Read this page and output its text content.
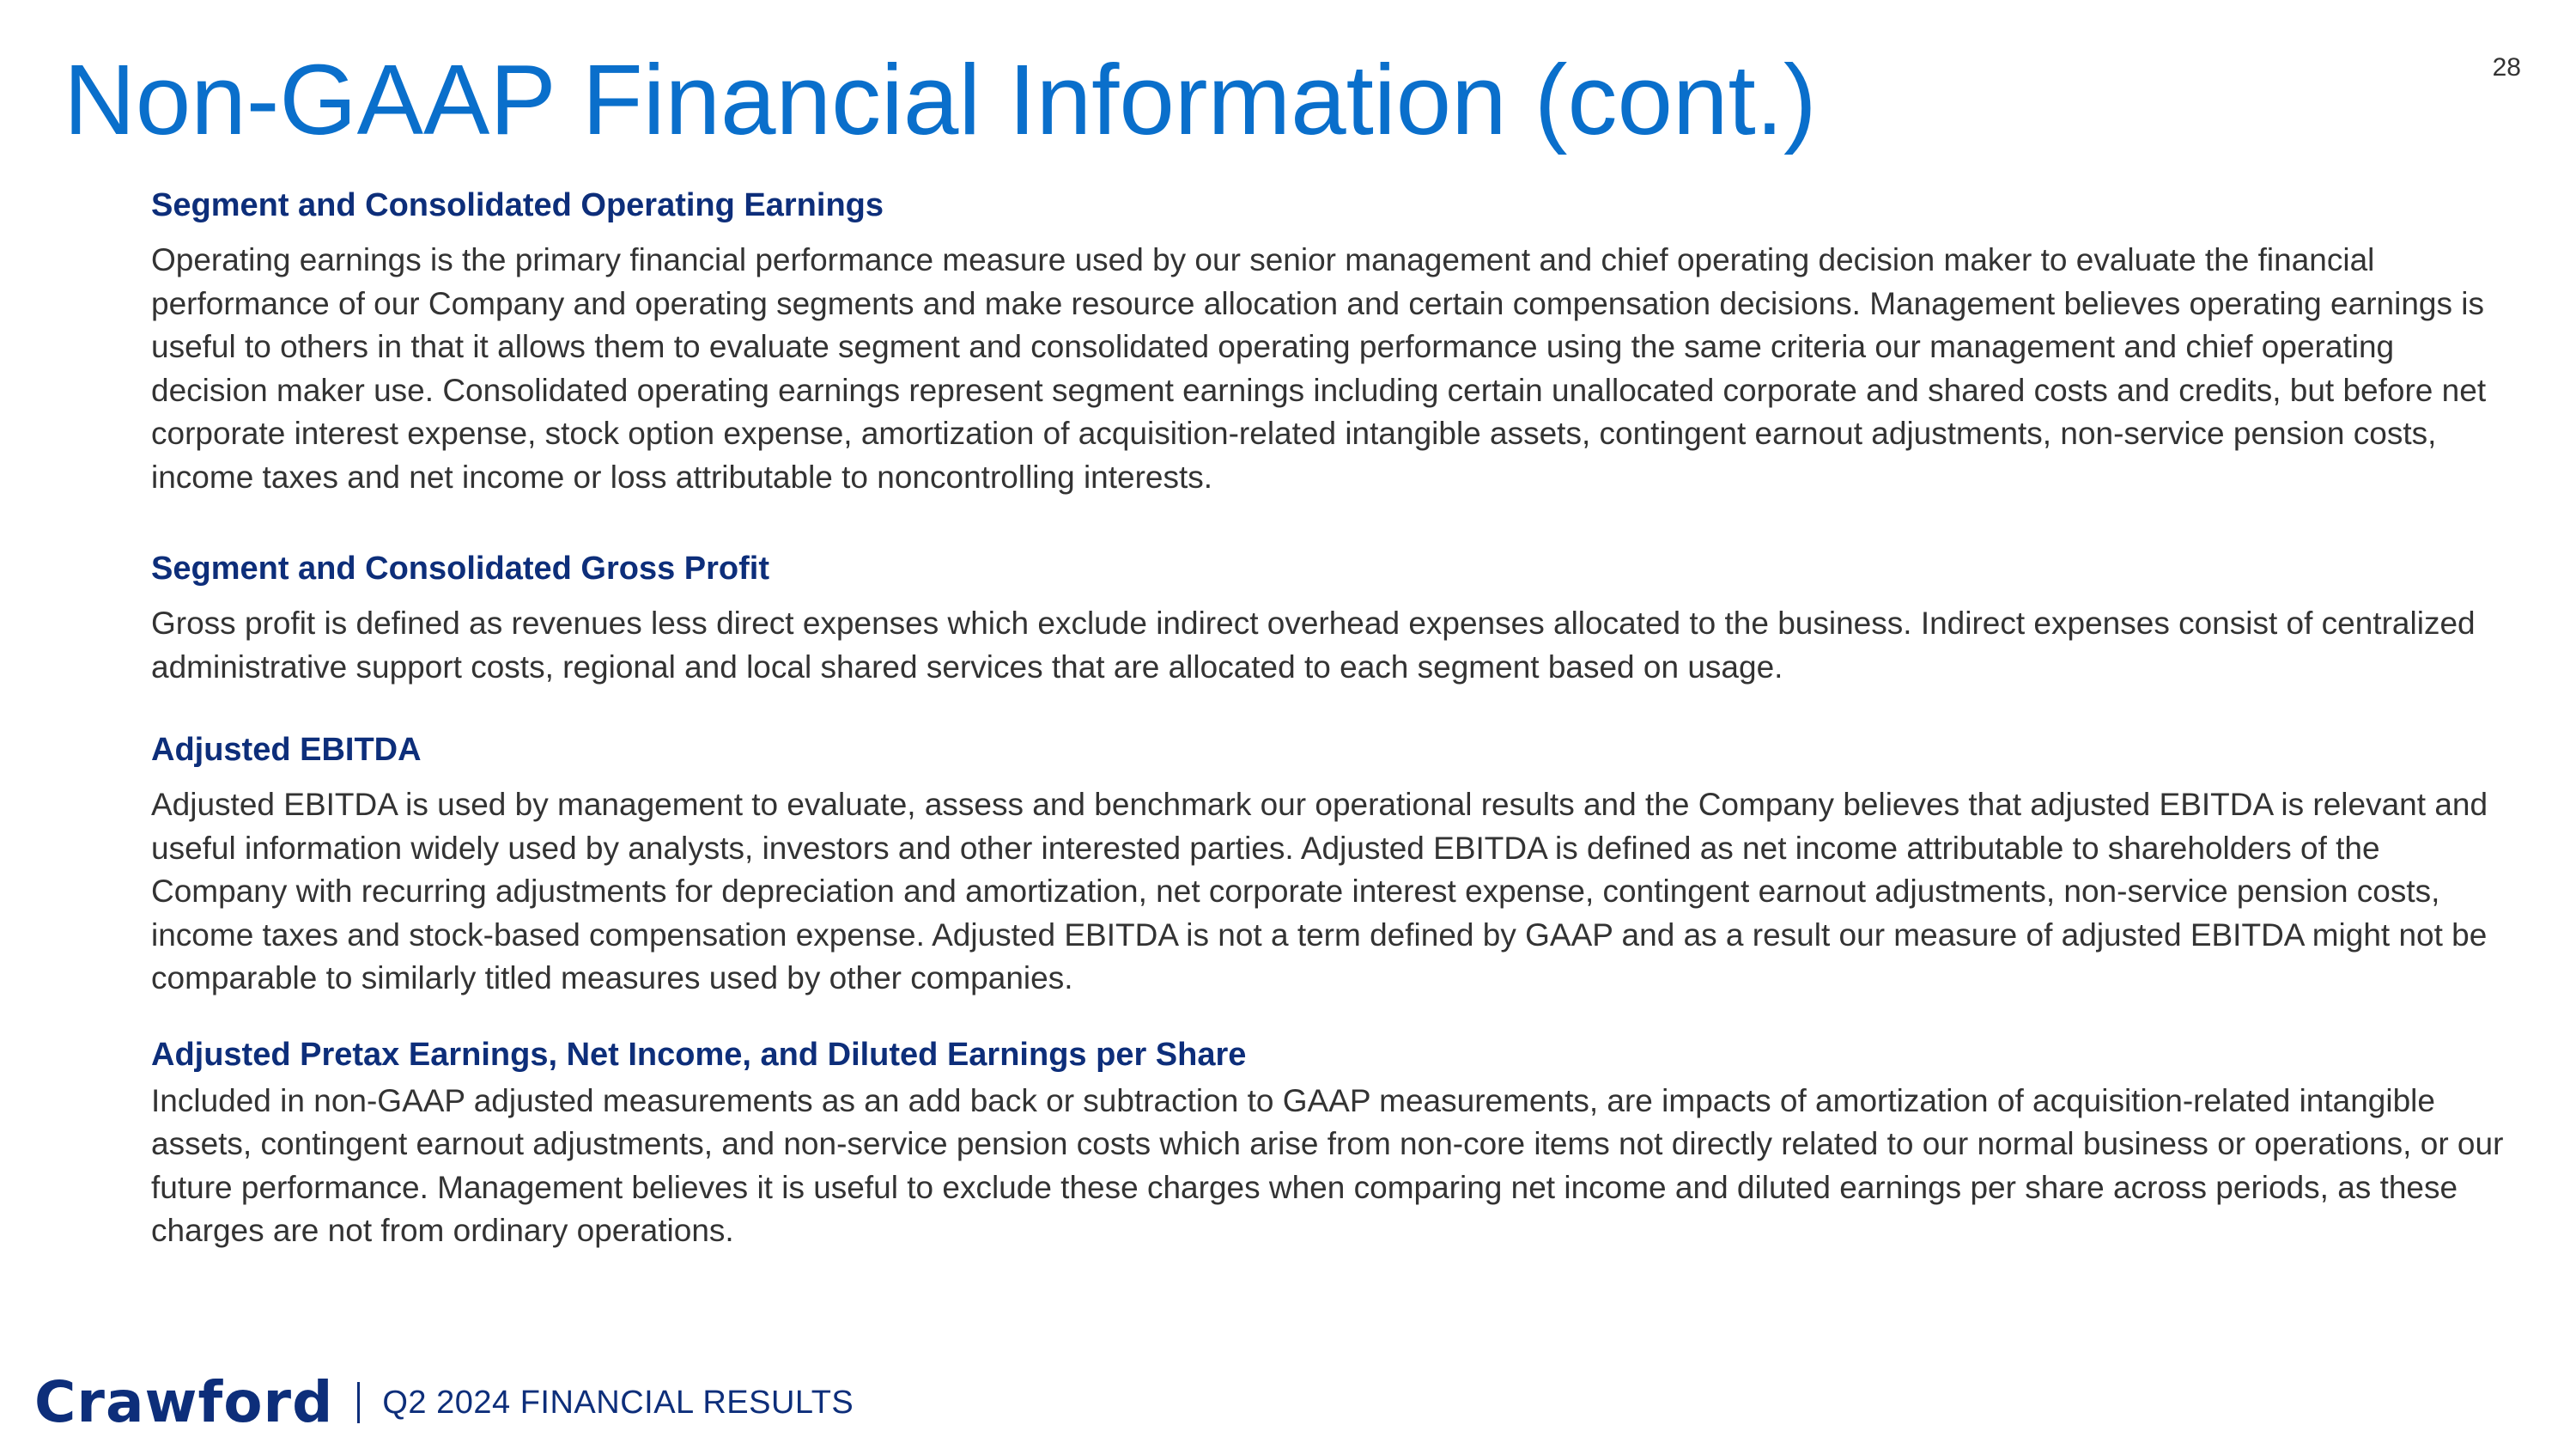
Non-GAAP Financial Information (cont.)	28
Segment and Consolidated Operating Earnings

Operating earnings is the primary financial performance measure used by our senior management and chief operating decision maker to evaluate the financial performance of our Company and operating segments and make resource allocation and certain compensation decisions. Management believes operating earnings is useful to others in that it allows them to evaluate segment and consolidated operating performance using the same criteria our management and chief operating decision maker use. Consolidated operating earnings represent segment earnings including certain unallocated corporate and shared costs and credits, but before net corporate interest expense, stock option expense, amortization of acquisition-related intangible assets, contingent earnout adjustments, non-service pension costs, income taxes and net income or loss attributable to noncontrolling interests.

Segment and Consolidated Gross Profit

Gross profit is defined as revenues less direct expenses which exclude indirect overhead expenses allocated to the business. Indirect expenses consist of centralized administrative support costs, regional and local shared services that are allocated to each segment based on usage.

Adjusted EBITDA

Adjusted EBITDA is used by management to evaluate, assess and benchmark our operational results and the Company believes that adjusted EBITDA is relevant and useful information widely used by analysts, investors and other interested parties. Adjusted EBITDA is defined as net income attributable to shareholders of the Company with recurring adjustments for depreciation and amortization, net corporate interest expense, contingent earnout adjustments, non-service pension costs, income taxes and stock-based compensation expense. Adjusted EBITDA is not a term defined by GAAP and as a result our measure of adjusted EBITDA might not be comparable to similarly titled measures used by other companies.

Adjusted Pretax Earnings, Net Income, and Diluted Earnings per Share

Included in non-GAAP adjusted measurements as an add back or subtraction to GAAP measurements, are impacts of amortization of acquisition-related intangible assets, contingent earnout adjustments, and non-service pension costs which arise from non-core items not directly related to our normal business or operations, or our future performance. Management believes it is useful to exclude these charges when comparing net income and diluted earnings per share across periods, as these charges are not from ordinary operations.

Crawford Q2 2024 FINANCIAL RESULTS
